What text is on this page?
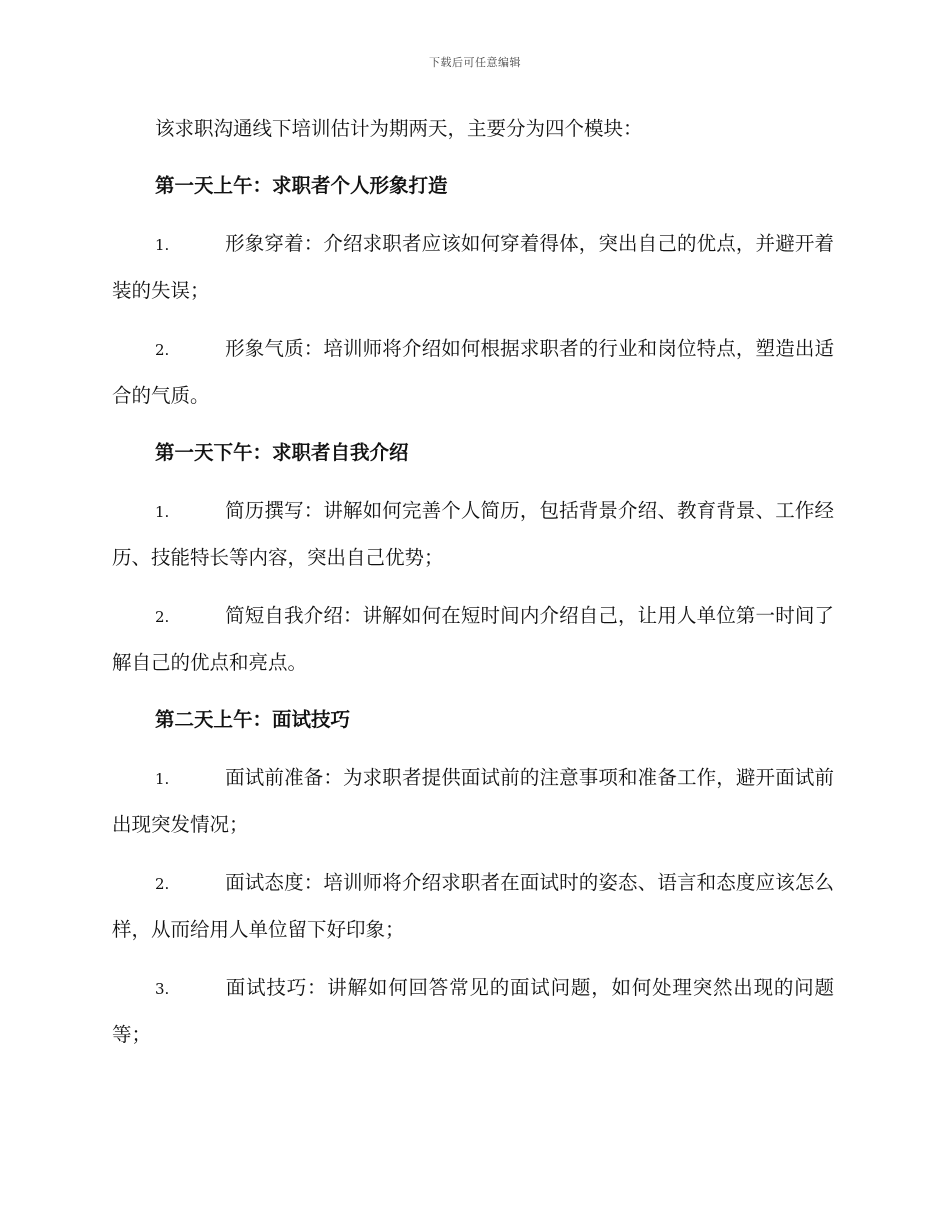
下载后可任意编辑

该求职沟通线下培训估计为期两天，主要分为四个模块：

第一天上午：求职者个人形象打造
1.	形象穿着：介绍求职者应该如何穿着得体，突出自己的优点，并避开着装的失误；
2.	形象气质：培训师将介绍如何根据求职者的行业和岗位特点，塑造出适合的气质。
第一天下午：求职者自我介绍
1.	简历撰写：讲解如何完善个人简历，包括背景介绍、教育背景、工作经历、技能特长等内容，突出自己优势；
2.	简短自我介绍：讲解如何在短时间内介绍自己，让用人单位第一时间了解自己的优点和亮点。
第二天上午：面试技巧
1.	面试前准备：为求职者提供面试前的注意事项和准备工作，避开面试前出现突发情况；
2.	面试态度：培训师将介绍求职者在面试时的姿态、语言和态度应该怎么样，从而给用人单位留下好印象；
3.	面试技巧：讲解如何回答常见的面试问题，如何处理突然出现的问题等；
